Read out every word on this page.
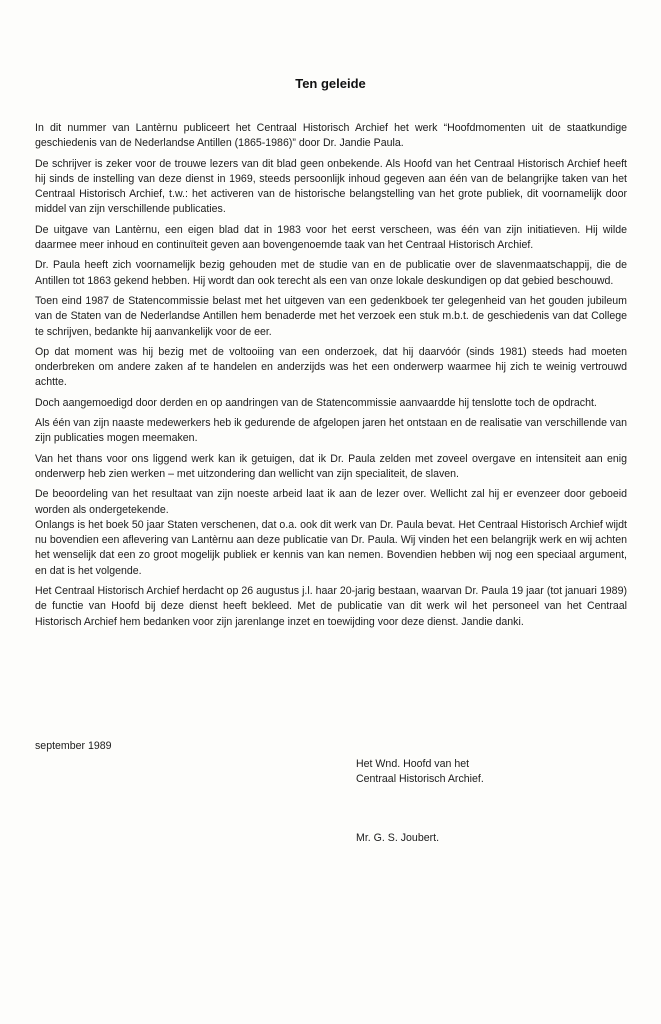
Ten geleide

In dit nummer van Lantèrnu publiceert het Centraal Historisch Archief het werk “Hoofdmomenten uit de staatkundige geschiedenis van de Nederlandse Antillen (1865-1986)” door Dr. Jandie Paula.

De schrijver is zeker voor de trouwe lezers van dit blad geen onbekende. Als Hoofd van het Centraal Historisch Archief heeft hij sinds de instelling van deze dienst in 1969, steeds persoonlijk inhoud gegeven aan één van de belangrijke taken van het Centraal Historisch Archief, t.w.: het activeren van de historische belangstelling van het grote publiek, dit voornamelijk door middel van zijn verschillende publicaties.

De uitgave van Lantèrnu, een eigen blad dat in 1983 voor het eerst verscheen, was één van zijn initiatieven. Hij wilde daarmee meer inhoud en continuïteit geven aan bovengenoemde taak van het Centraal Historisch Archief.

Dr. Paula heeft zich voornamelijk bezig gehouden met de studie van en de publicatie over de slavenmaatschappij, die de Antillen tot 1863 gekend hebben. Hij wordt dan ook terecht als een van onze lokale deskundigen op dat gebied beschouwd.

Toen eind 1987 de Statencommissie belast met het uitgeven van een gedenkboek ter gelegenheid van het gouden jubileum van de Staten van de Nederlandse Antillen hem benaderde met het verzoek een stuk m.b.t. de geschiedenis van dat College te schrijven, bedankte hij aanvankelijk voor de eer.

Op dat moment was hij bezig met de voltooiing van een onderzoek, dat hij daarvóór (sinds 1981) steeds had moeten onderbreken om andere zaken af te handelen en anderzijds was het een onderwerp waarmee hij zich te weinig vertrouwd achtte.

Doch aangemoedigd door derden en op aandringen van de Statencommissie aanvaardde hij tenslotte toch de opdracht.

Als één van zijn naaste medewerkers heb ik gedurende de afgelopen jaren het ontstaan en de realisatie van verschillende van zijn publicaties mogen meemaken.

Van het thans voor ons liggend werk kan ik getuigen, dat ik Dr. Paula zelden met zoveel overgave en intensiteit aan enig onderwerp heb zien werken – met uitzondering dan wellicht van zijn specialiteit, de slaven.

De beoordeling van het resultaat van zijn noeste arbeid laat ik aan de lezer over. Wellicht zal hij er evenzeer door geboeid worden als ondergetekende.

Onlangs is het boek 50 jaar Staten verschenen, dat o.a. ook dit werk van Dr. Paula bevat. Het Centraal Historisch Archief wijdt nu bovendien een aflevering van Lantèrnu aan deze publicatie van Dr. Paula. Wij vinden het een belangrijk werk en wij achten het wenselijk dat een zo groot mogelijk publiek er kennis van kan nemen. Bovendien hebben wij nog een speciaal argument, en dat is het volgende.

Het Centraal Historisch Archief herdacht op 26 augustus j.l. haar 20-jarig bestaan, waarvan Dr. Paula 19 jaar (tot januari 1989) de functie van Hoofd bij deze dienst heeft bekleed. Met de publicatie van dit werk wil het personeel van het Centraal Historisch Archief hem bedanken voor zijn jarenlange inzet en toewijding voor deze dienst. Jandie danki.

september 1989
Het Wnd. Hoofd van het
Centraal Historisch Archief.
Mr. G. S. Joubert.
